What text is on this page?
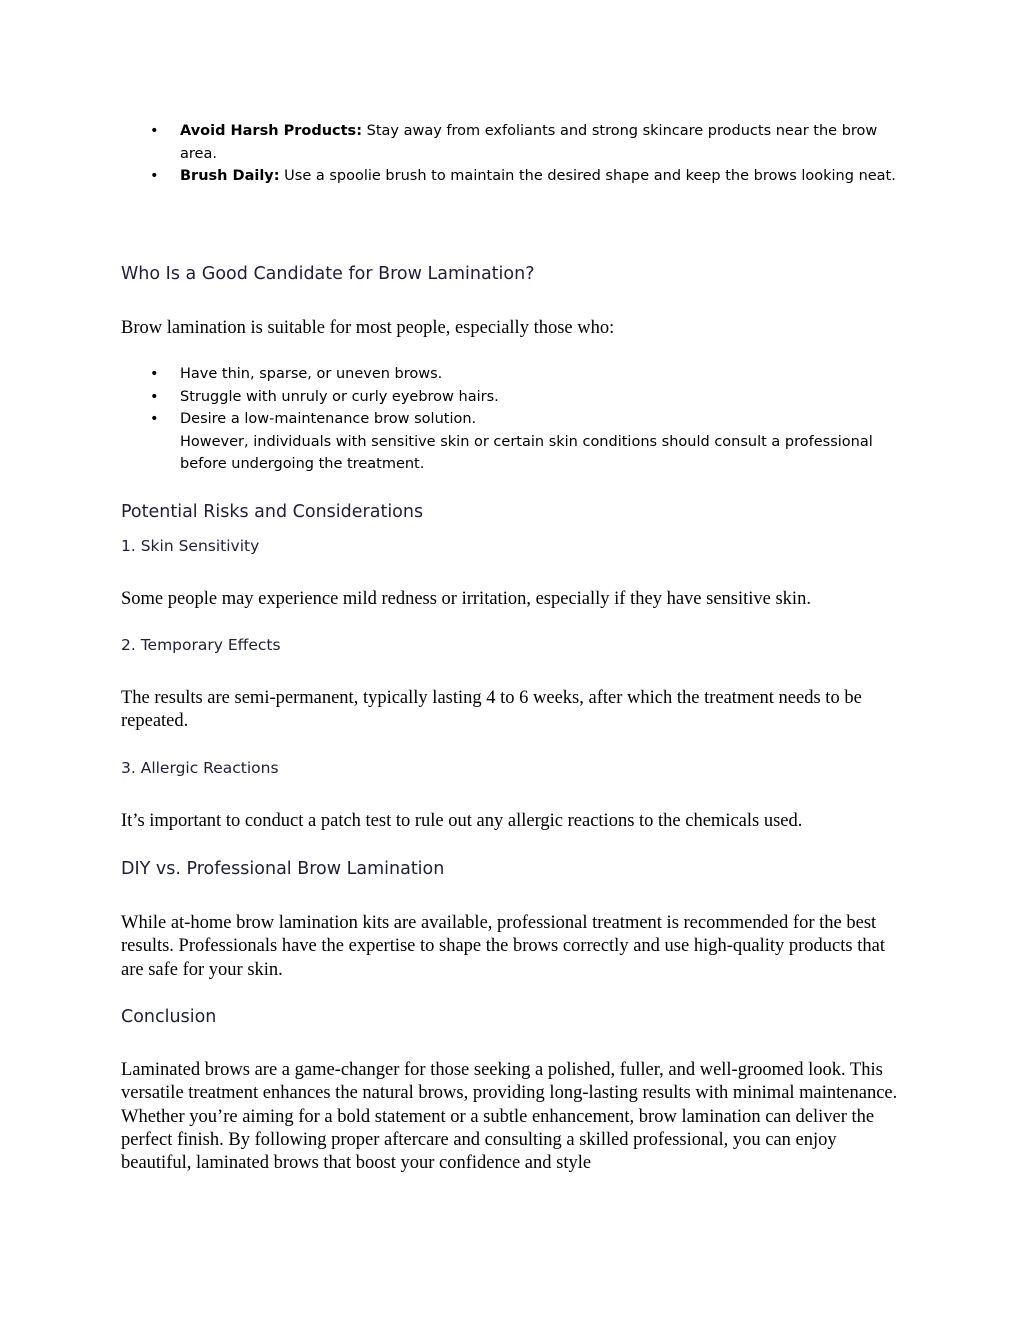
• Avoid Harsh Products: Stay away from exfoliants and strong skincare products near the brow area.
• Brush Daily: Use a spoolie brush to maintain the desired shape and keep the brows looking neat.
Who Is a Good Candidate for Brow Lamination?

Brow lamination is suitable for most people, especially those who:

• Have thin, sparse, or uneven brows.
• Struggle with unruly or curly eyebrow hairs.
• Desire a low-maintenance brow solution.
However, individuals with sensitive skin or certain skin conditions should consult a professional before undergoing the treatment.
Potential Risks and Considerations
1. Skin Sensitivity

Some people may experience mild redness or irritation, especially if they have sensitive skin.

2. Temporary Effects

The results are semi-permanent, typically lasting 4 to 6 weeks, after which the treatment needs to be repeated.

3. Allergic Reactions

It’s important to conduct a patch test to rule out any allergic reactions to the chemicals used.

DIY vs. Professional Brow Lamination

While at-home brow lamination kits are available, professional treatment is recommended for the best results. Professionals have the expertise to shape the brows correctly and use high-quality products that are safe for your skin.

Conclusion

Laminated brows are a game-changer for those seeking a polished, fuller, and well-groomed look. This versatile treatment enhances the natural brows, providing long-lasting results with minimal maintenance. Whether you’re aiming for a bold statement or a subtle enhancement, brow lamination can deliver the perfect finish. By following proper aftercare and consulting a skilled professional, you can enjoy beautiful, laminated brows that boost your confidence and style
